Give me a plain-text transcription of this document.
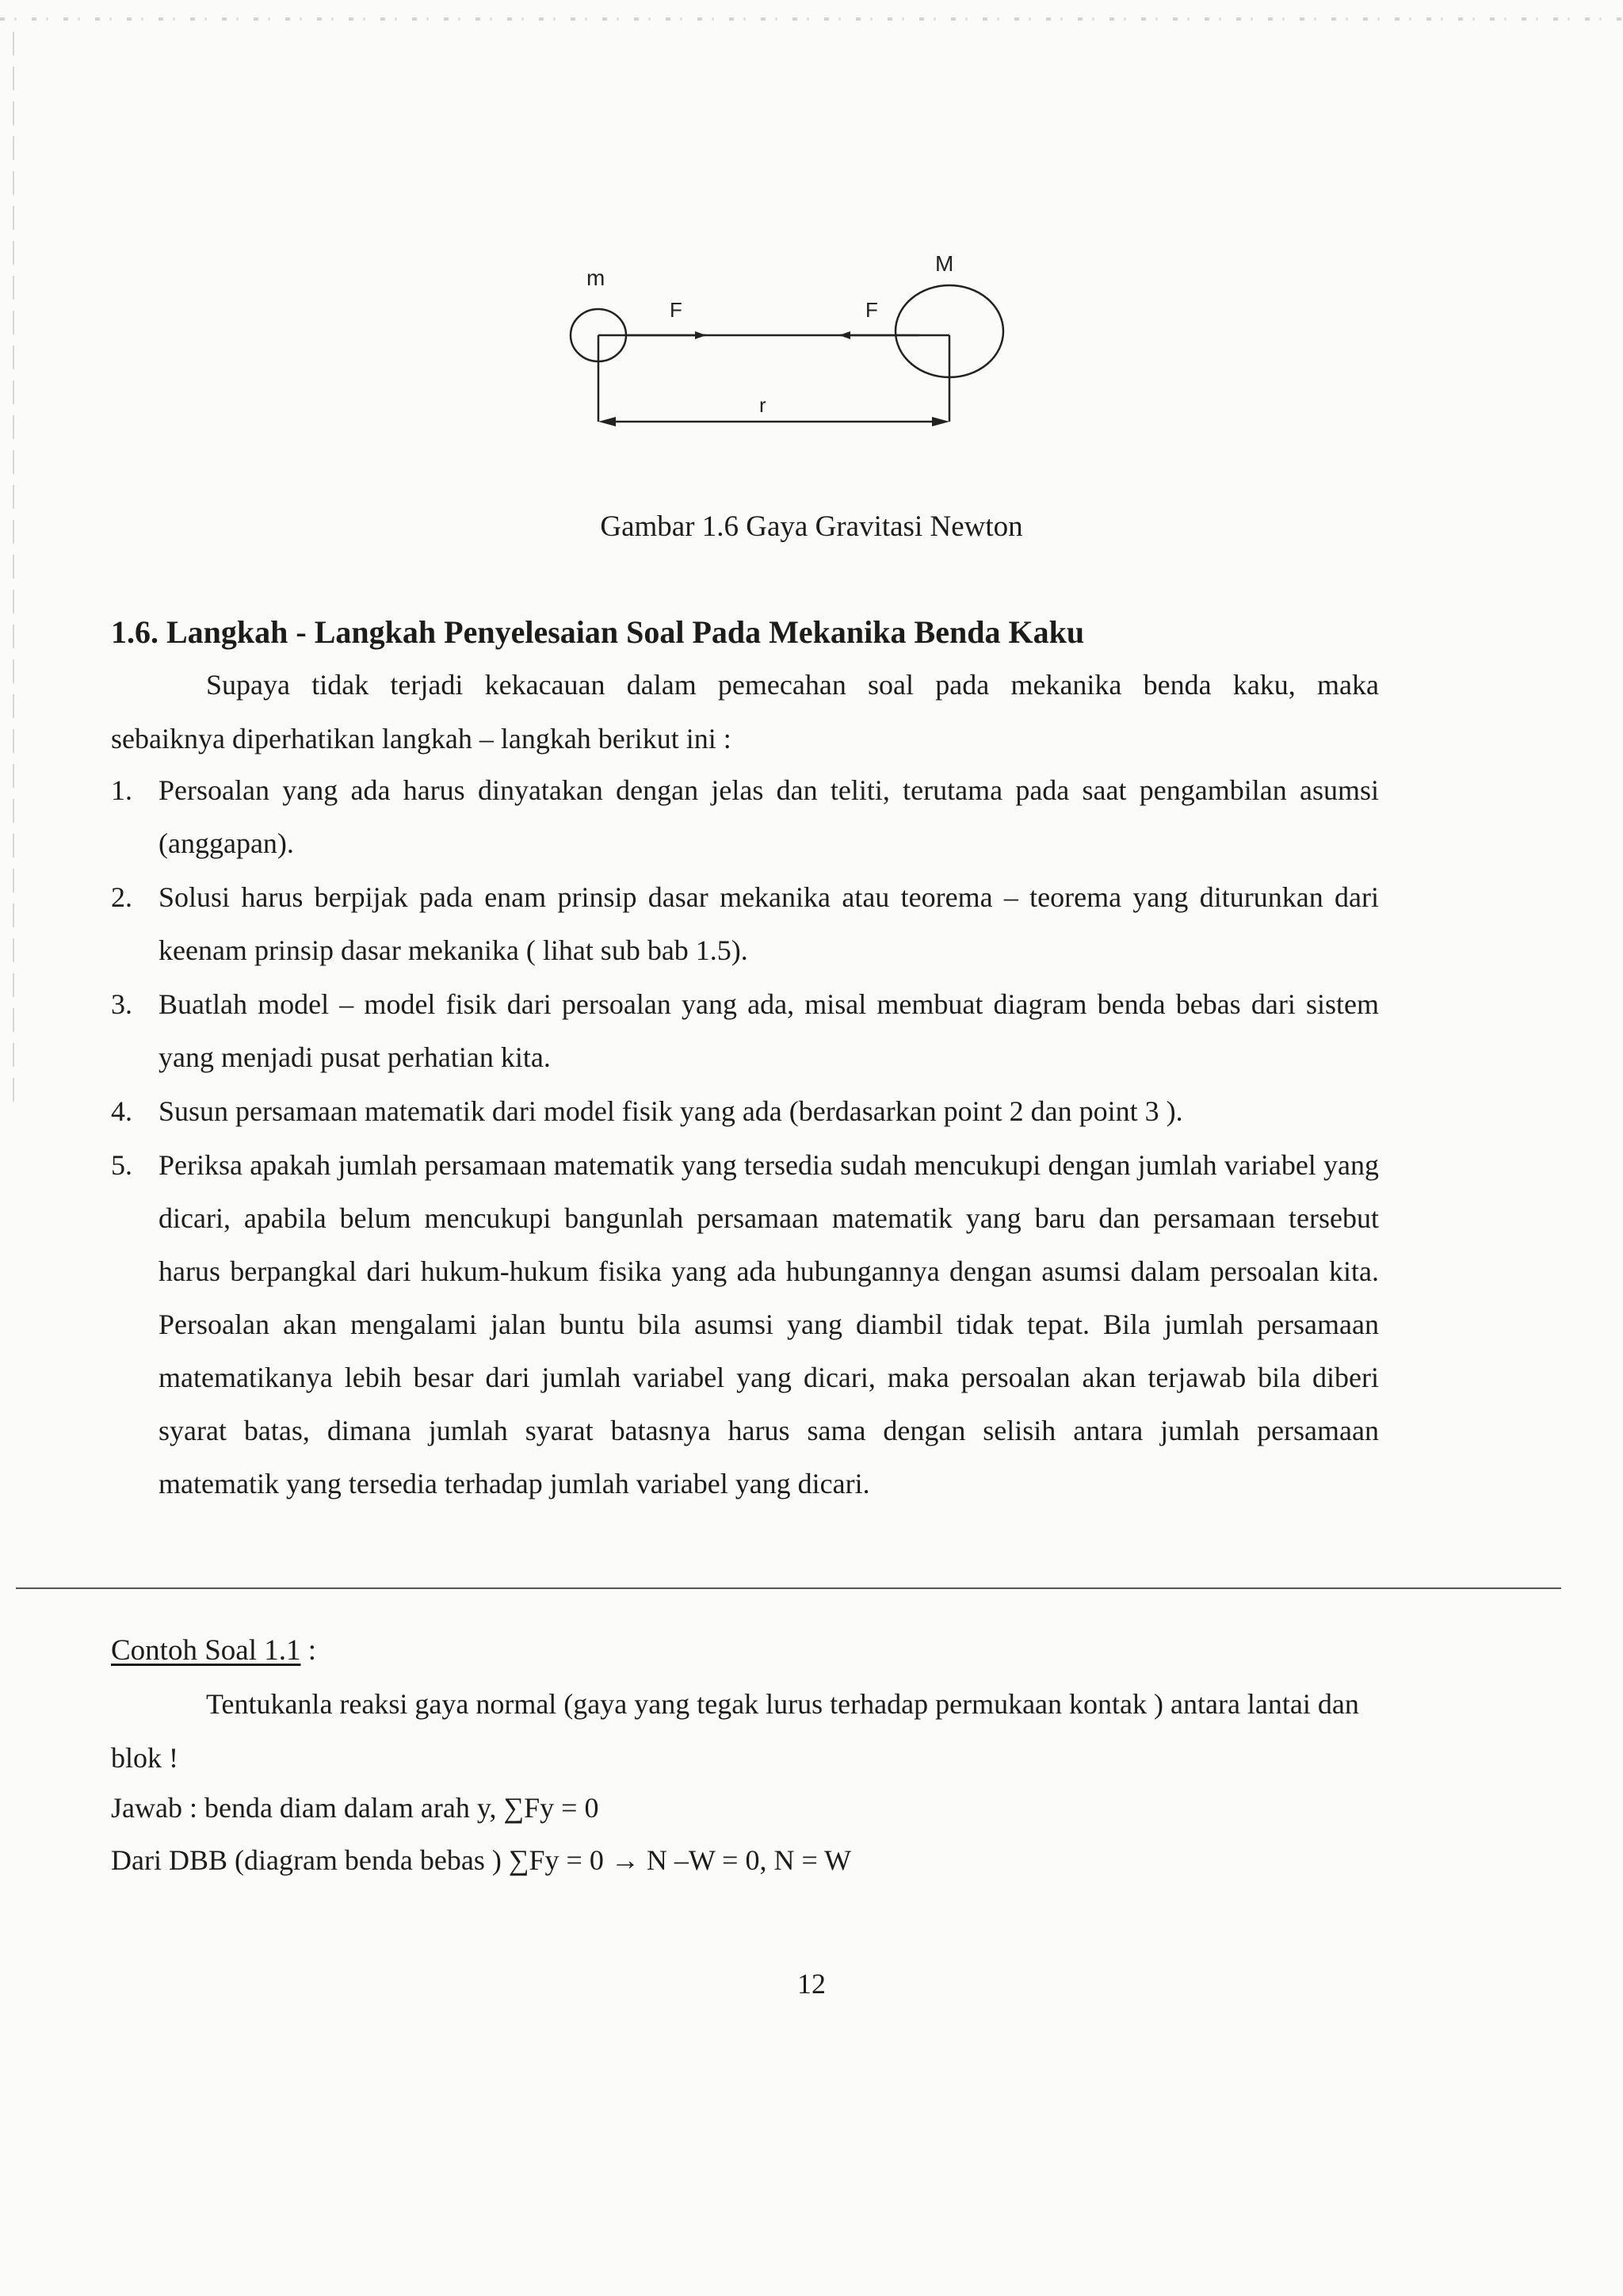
m
M
F	F
r
Gambar 1.6 Gaya Gravitasi Newton
1.6. Langkah - Langkah Penyelesaian Soal Pada Mekanika Benda Kaku
Supaya tidak terjadi kekacauan dalam pemecahan soal pada mekanika benda kaku, maka
sebaiknya diperhatikan langkah – langkah berikut ini :
1. Persoalan yang ada harus dinyatakan dengan jelas dan teliti, terutama pada saat pengambilan asumsi (anggapan).
2. Solusi harus berpijak pada enam prinsip dasar mekanika atau teorema – teorema yang diturunkan dari keenam prinsip dasar mekanika ( lihat sub bab 1.5).
3. Buatlah model – model fisik dari persoalan yang ada, misal membuat diagram benda bebas dari sistem yang menjadi pusat perhatian kita.
4. Susun persamaan matematik dari model fisik yang ada (berdasarkan point 2 dan point 3 ).
5. Periksa apakah jumlah persamaan matematik yang tersedia sudah mencukupi dengan jumlah variabel yang dicari, apabila belum mencukupi bangunlah persamaan matematik yang baru dan persamaan tersebut harus berpangkal dari hukum-hukum fisika yang ada hubungannya dengan asumsi dalam persoalan kita. Persoalan akan mengalami jalan buntu bila asumsi yang diambil tidak tepat. Bila jumlah persamaan matematikanya lebih besar dari jumlah variabel yang dicari, maka persoalan akan terjawab bila diberi syarat batas, dimana jumlah syarat batasnya harus sama dengan selisih antara jumlah persamaan matematik yang tersedia terhadap jumlah variabel yang dicari.
Contoh Soal 1.1 :
Tentukanla reaksi gaya normal (gaya yang tegak lurus terhadap permukaan kontak ) antara lantai dan blok !
Jawab : benda diam dalam arah y, ∑Fy = 0
Dari DBB (diagram benda bebas ) ∑Fy = 0 → N –W = 0, N = W
12
